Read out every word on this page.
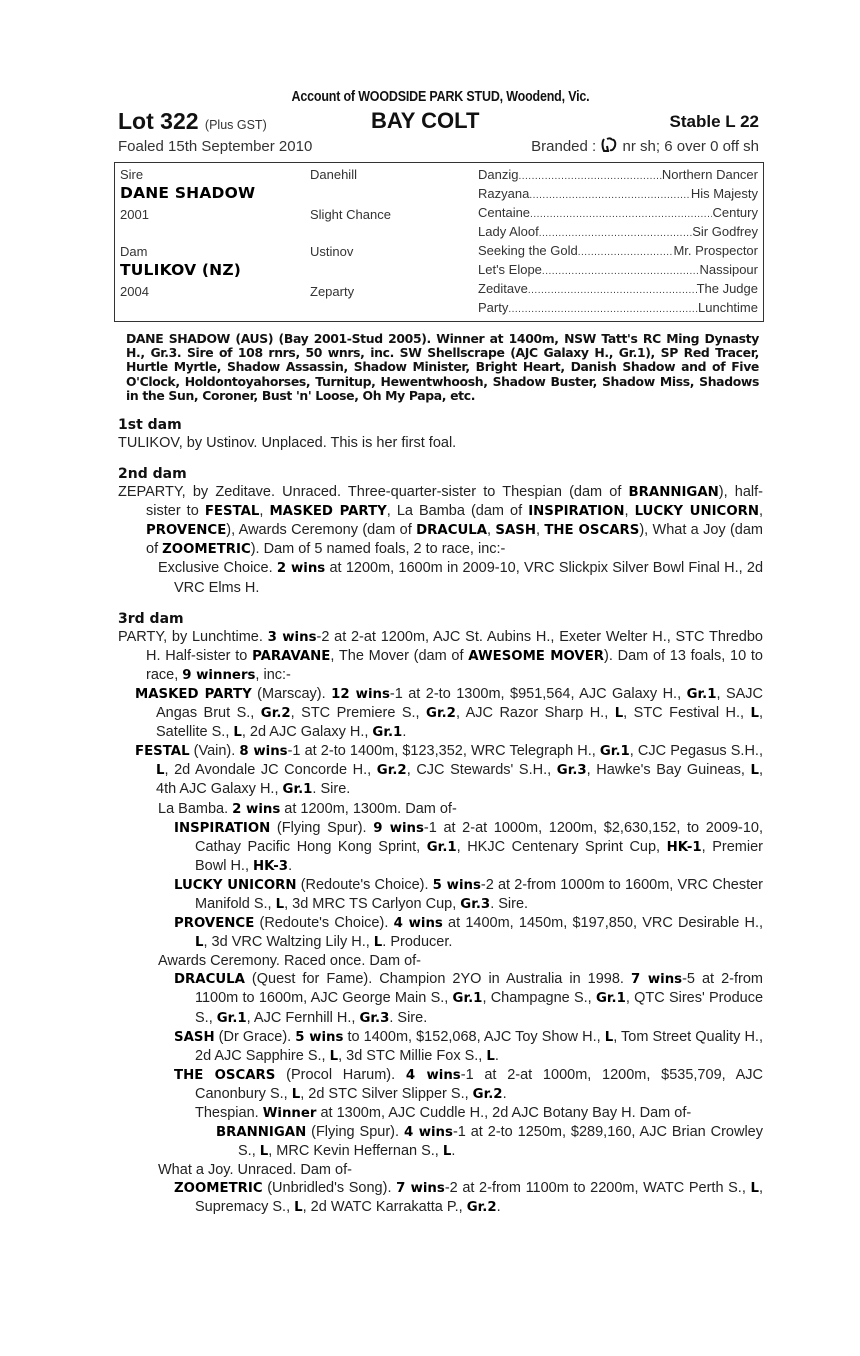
Account of WOODSIDE PARK STUD, Woodend, Vic.
Lot 322 (Plus GST)	BAY COLT	Stable L 22
Foaled 15th September 2010	Branded : nr sh; 6 over 0 off sh
Sire
DANE SHADOW
2001
Dam
TULIKOV (NZ)
2004
Danehill
Slight Chance
Ustinov
Zeparty
Danzig .....	Northern Dancer
Razyana .....	His Majesty
Centaine .....	Century
Lady Aloof .....	Sir Godfrey
Seeking the Gold .....	Mr. Prospector
Let's Elope .....	Nassipour
Zeditave .....	The Judge
Party .....	Lunchtime
DANE SHADOW (AUS) (Bay 2001-Stud 2005). Winner at 1400m, NSW Tatt's RC Ming Dynasty H., Gr.3. Sire of 108 rnrs, 50 wnrs, inc. SW Shellscrape (AJC Galaxy H., Gr.1), SP Red Tracer, Hurtle Myrtle, Shadow Assassin, Shadow Minister, Bright Heart, Danish Shadow and of Five O'Clock, Holdontoyahorses, Turnitup, Hewentwhoosh, Shadow Buster, Shadow Miss, Shadows in the Sun, Coroner, Bust 'n' Loose, Oh My Papa, etc.
1st dam
TULIKOV, by Ustinov. Unplaced. This is her first foal.
2nd dam
ZEPARTY, by Zeditave. Unraced. Three-quarter-sister to Thespian (dam of BRANNIGAN), half-sister to FESTAL, MASKED PARTY, La Bamba (dam of INSPIRATION, LUCKY UNICORN, PROVENCE), Awards Ceremony (dam of DRACULA, SASH, THE OSCARS), What a Joy (dam of ZOOMETRIC). Dam of 5 named foals, 2 to race, inc:-
Exclusive Choice. 2 wins at 1200m, 1600m in 2009-10, VRC Slickpix Silver Bowl Final H., 2d VRC Elms H.
3rd dam
PARTY, by Lunchtime. 3 wins-2 at 2-at 1200m, AJC St. Aubins H., Exeter Welter H., STC Thredbo H. Half-sister to PARAVANE, The Mover (dam of AWESOME MOVER). Dam of 13 foals, 10 to race, 9 winners, inc:-
MASKED PARTY (Marscay). 12 wins-1 at 2-to 1300m, $951,564, AJC Galaxy H., Gr.1, SAJC Angas Brut S., Gr.2, STC Premiere S., Gr.2, AJC Razor Sharp H., L, STC Festival H., L, Satellite S., L, 2d AJC Galaxy H., Gr.1.
FESTAL (Vain). 8 wins-1 at 2-to 1400m, $123,352, WRC Telegraph H., Gr.1, CJC Pegasus S.H., L, 2d Avondale JC Concorde H., Gr.2, CJC Stewards' S.H., Gr.3, Hawke's Bay Guineas, L, 4th AJC Galaxy H., Gr.1. Sire.
La Bamba. 2 wins at 1200m, 1300m. Dam of-
INSPIRATION (Flying Spur). 9 wins-1 at 2-at 1000m, 1200m, $2,630,152, to 2009-10, Cathay Pacific Hong Kong Sprint, Gr.1, HKJC Centenary Sprint Cup, HK-1, Premier Bowl H., HK-3.
LUCKY UNICORN (Redoute's Choice). 5 wins-2 at 2-from 1000m to 1600m, VRC Chester Manifold S., L, 3d MRC TS Carlyon Cup, Gr.3. Sire.
PROVENCE (Redoute's Choice). 4 wins at 1400m, 1450m, $197,850, VRC Desirable H., L, 3d VRC Waltzing Lily H., L. Producer.
Awards Ceremony. Raced once. Dam of-
DRACULA (Quest for Fame). Champion 2YO in Australia in 1998. 7 wins-5 at 2-from 1100m to 1600m, AJC George Main S., Gr.1, Champagne S., Gr.1, QTC Sires' Produce S., Gr.1, AJC Fernhill H., Gr.3. Sire.
SASH (Dr Grace). 5 wins to 1400m, $152,068, AJC Toy Show H., L, Tom Street Quality H., 2d AJC Sapphire S., L, 3d STC Millie Fox S., L.
THE OSCARS (Procol Harum). 4 wins-1 at 2-at 1000m, 1200m, $535,709, AJC Canonbury S., L, 2d STC Silver Slipper S., Gr.2.
Thespian. Winner at 1300m, AJC Cuddle H., 2d AJC Botany Bay H. Dam of-
BRANNIGAN (Flying Spur). 4 wins-1 at 2-to 1250m, $289,160, AJC Brian Crowley S., L, MRC Kevin Heffernan S., L.
What a Joy. Unraced. Dam of-
ZOOMETRIC (Unbridled's Song). 7 wins-2 at 2-from 1100m to 2200m, WATC Perth S., L, Supremacy S., L, 2d WATC Karrakatta P., Gr.2.
